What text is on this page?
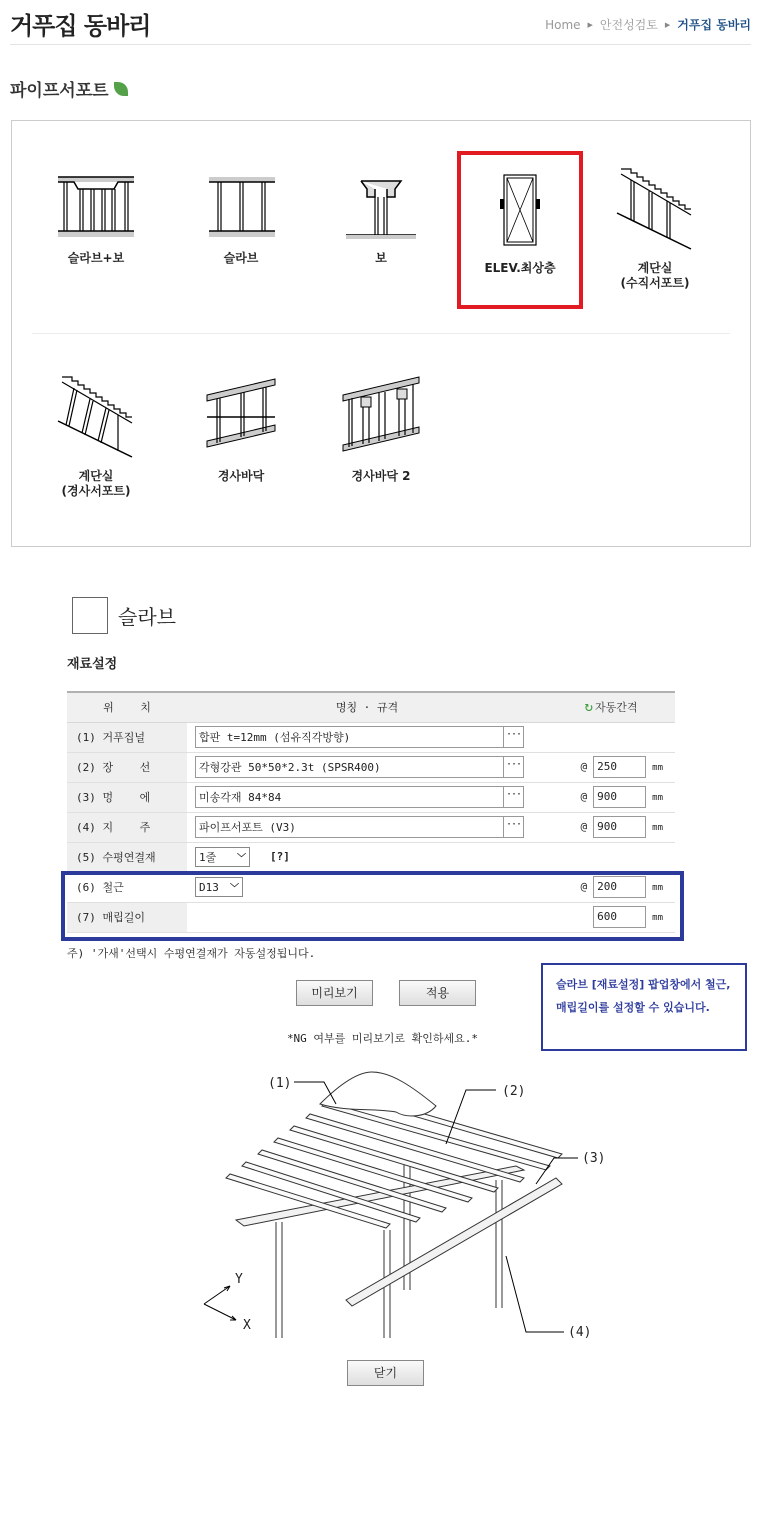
거푸집 동바리	Home ▶ 안전성검토 ▶ 거푸집 동바리
파이프서포트
슬라브+보	슬라브	보
ELEV.최상층	계단실
(수직서포트)
계단실
(경사서포트)
경사바닥	경사바닥 2
슬라브
재료설정
위    치	명칭 · 규격	↻ 자동간격

(1) 거푸집널	합판 t=12mm (섬유직각방향) ···	

(2) 장    선	각형강관 50*50*2.3t (SPSR400) ···	@ 250 mm
(3) 멍    에	미송각재 84*84 ···	@ 900 mm
(4) 지    주	파이프서포트 (V3) ···	@ 900 mm
(5) 수평연결재	1줄 ﹀ [?]	
(6) 철근	D13 ﹀	@ 200 mm
(7) 매립길이		600 mm
주) '가새'선택시 수평연결재가 자동설정됩니다.
미리보기	적용
슬라브 [재료설정] 팝업창에서 철근, 매립길이를 설정할 수 있습니다.
*NG 여부를 미리보기로 확인하세요.*
(1)
(2)
(3)
(4)
Y
X
닫기
